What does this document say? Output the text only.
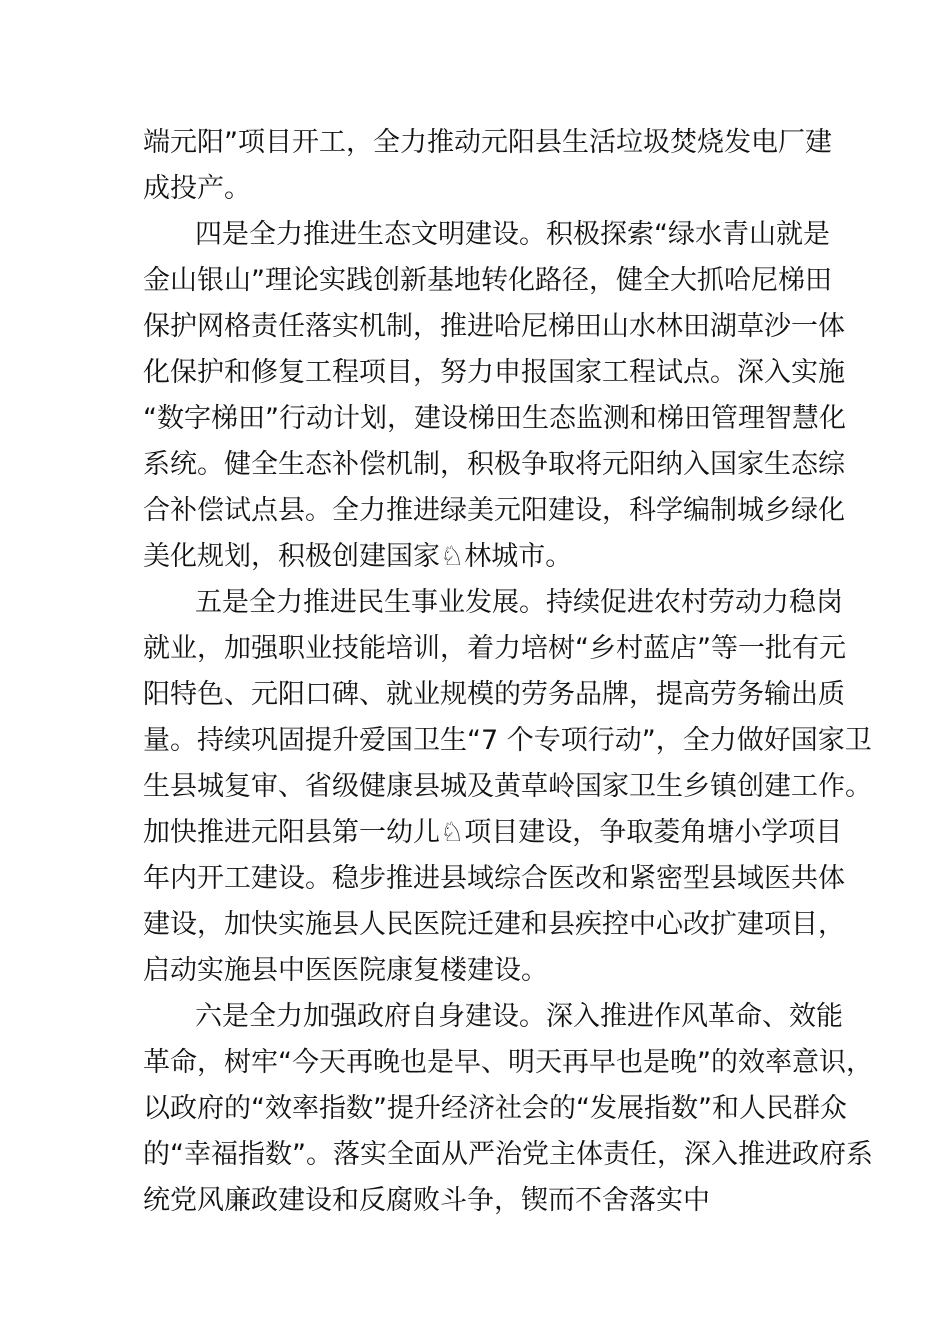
端元阳”项目开工，全力推动元阳县生活垃圾焚烧发电厂建

成投产。

四是全力推进生态文明建设。积极探索“绿水青山就是

金山银山”理论实践创新基地转化路径，健全大抓哈尼梯田

保护网格责任落实机制，推进哈尼梯田山水林田湖草沙一体

化保护和修复工程项目，努力申报国家工程试点。深入实施

“数字梯田”行动计划，建设梯田生态监测和梯田管理智慧化

系统。健全生态补偿机制，积极争取将元阳纳入国家生态综

合补偿试点县。全力推进绿美元阳建设，科学编制城乡绿化

美化规划，积极创建国家♘林城市。

五是全力推进民生事业发展。持续促进农村劳动力稳岗

就业，加强职业技能培训，着力培树“乡村蓝店”等一批有元

阳特色、元阳口碑、就业规模的劳务品牌，提高劳务输出质

量。持续巩固提升爱国卫生“7 个专项行动”，全力做好国家卫

生县城复审、省级健康县城及黄草岭国家卫生乡镇创建工作。

加快推进元阳县第一幼儿♘项目建设，争取菱角塘小学项目

年内开工建设。稳步推进县域综合医改和紧密型县域医共体

建设，加快实施县人民医院迁建和县疾控中心改扩建项目，

启动实施县中医医院康复楼建设。

六是全力加强政府自身建设。深入推进作风革命、效能

革命，树牢“今天再晚也是早、明天再早也是晚”的效率意识，

以政府的“效率指数”提升经济社会的“发展指数”和人民群众

的“幸福指数”。落实全面从严治党主体责任，深入推进政府系

统党风廉政建设和反腐败斗争，锲而不舍落实中
